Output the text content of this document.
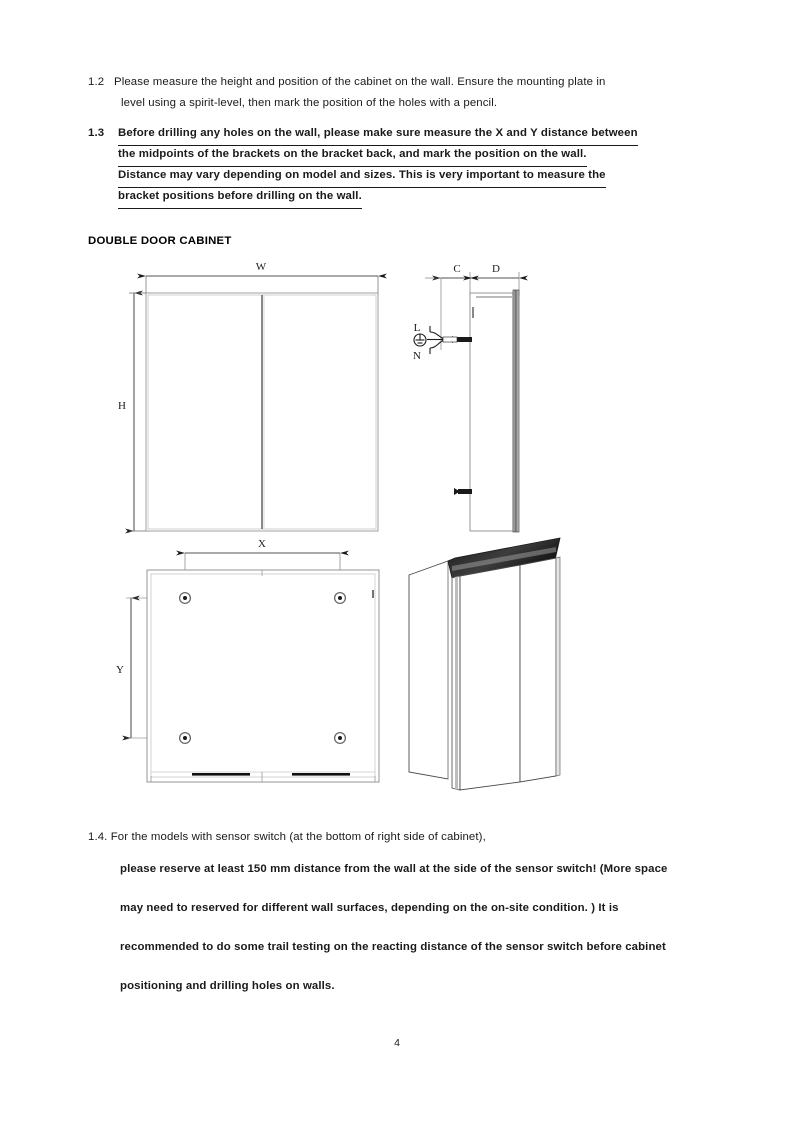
1.2 Please measure the height and position of the cabinet on the wall. Ensure the mounting plate in
level using a spirit-level, then mark the position of the holes with a pencil.
1.3 Before drilling any holes on the wall, please make sure measure the X and Y distance between
the midpoints of the brackets on the bracket back, and mark the position on the wall.
Distance may vary depending on model and sizes. This is very important to measure the
bracket positions before drilling on the wall.
DOUBLE DOOR CABINET
W
H
C	D
L
N
X
Y
1.4. For the models with sensor switch (at the bottom of right side of cabinet),
please reserve at least 150 mm distance from the wall at the side of the sensor switch! (More space
may need to reserved for different wall surfaces, depending on the on-site condition. ) It is
recommended to do some trail testing on the reacting distance of the sensor switch before cabinet
positioning and drilling holes on walls.
4
